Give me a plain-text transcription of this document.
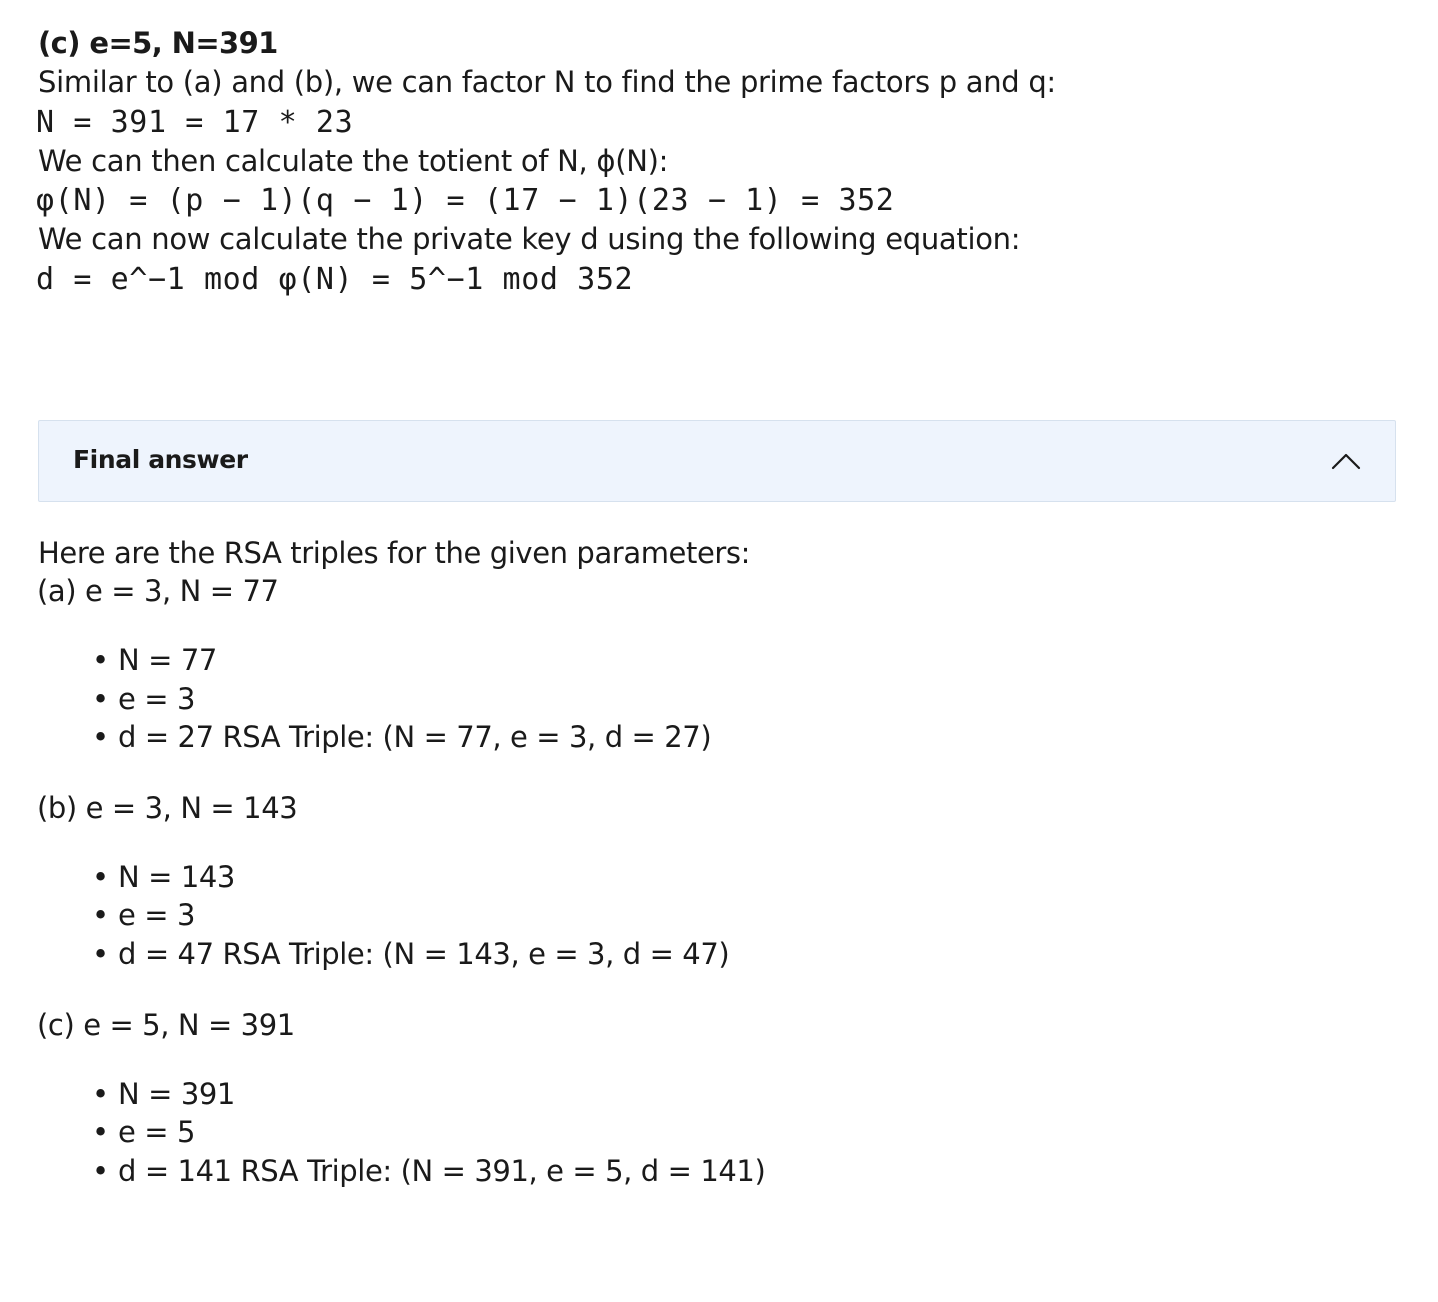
(c) e=5, N=391
Similar to (a) and (b), we can factor N to find the prime factors p and q:
N = 391 = 17 * 23
We can then calculate the totient of N, ϕ(N):
φ(N) = (p − 1)(q − 1) = (17 − 1)(23 − 1) = 352
We can now calculate the private key d using the following equation:
d = e^−1 mod φ(N) = 5^−1 mod 352
Final answer
Here are the RSA triples for the given parameters:
(a) e = 3, N = 77
• N = 77
• e = 3
• d = 27 RSA Triple: (N = 77, e = 3, d = 27)
(b) e = 3, N = 143
• N = 143
• e = 3
• d = 47 RSA Triple: (N = 143, e = 3, d = 47)
(c) e = 5, N = 391
• N = 391
• e = 5
• d = 141 RSA Triple: (N = 391, e = 5, d = 141)
